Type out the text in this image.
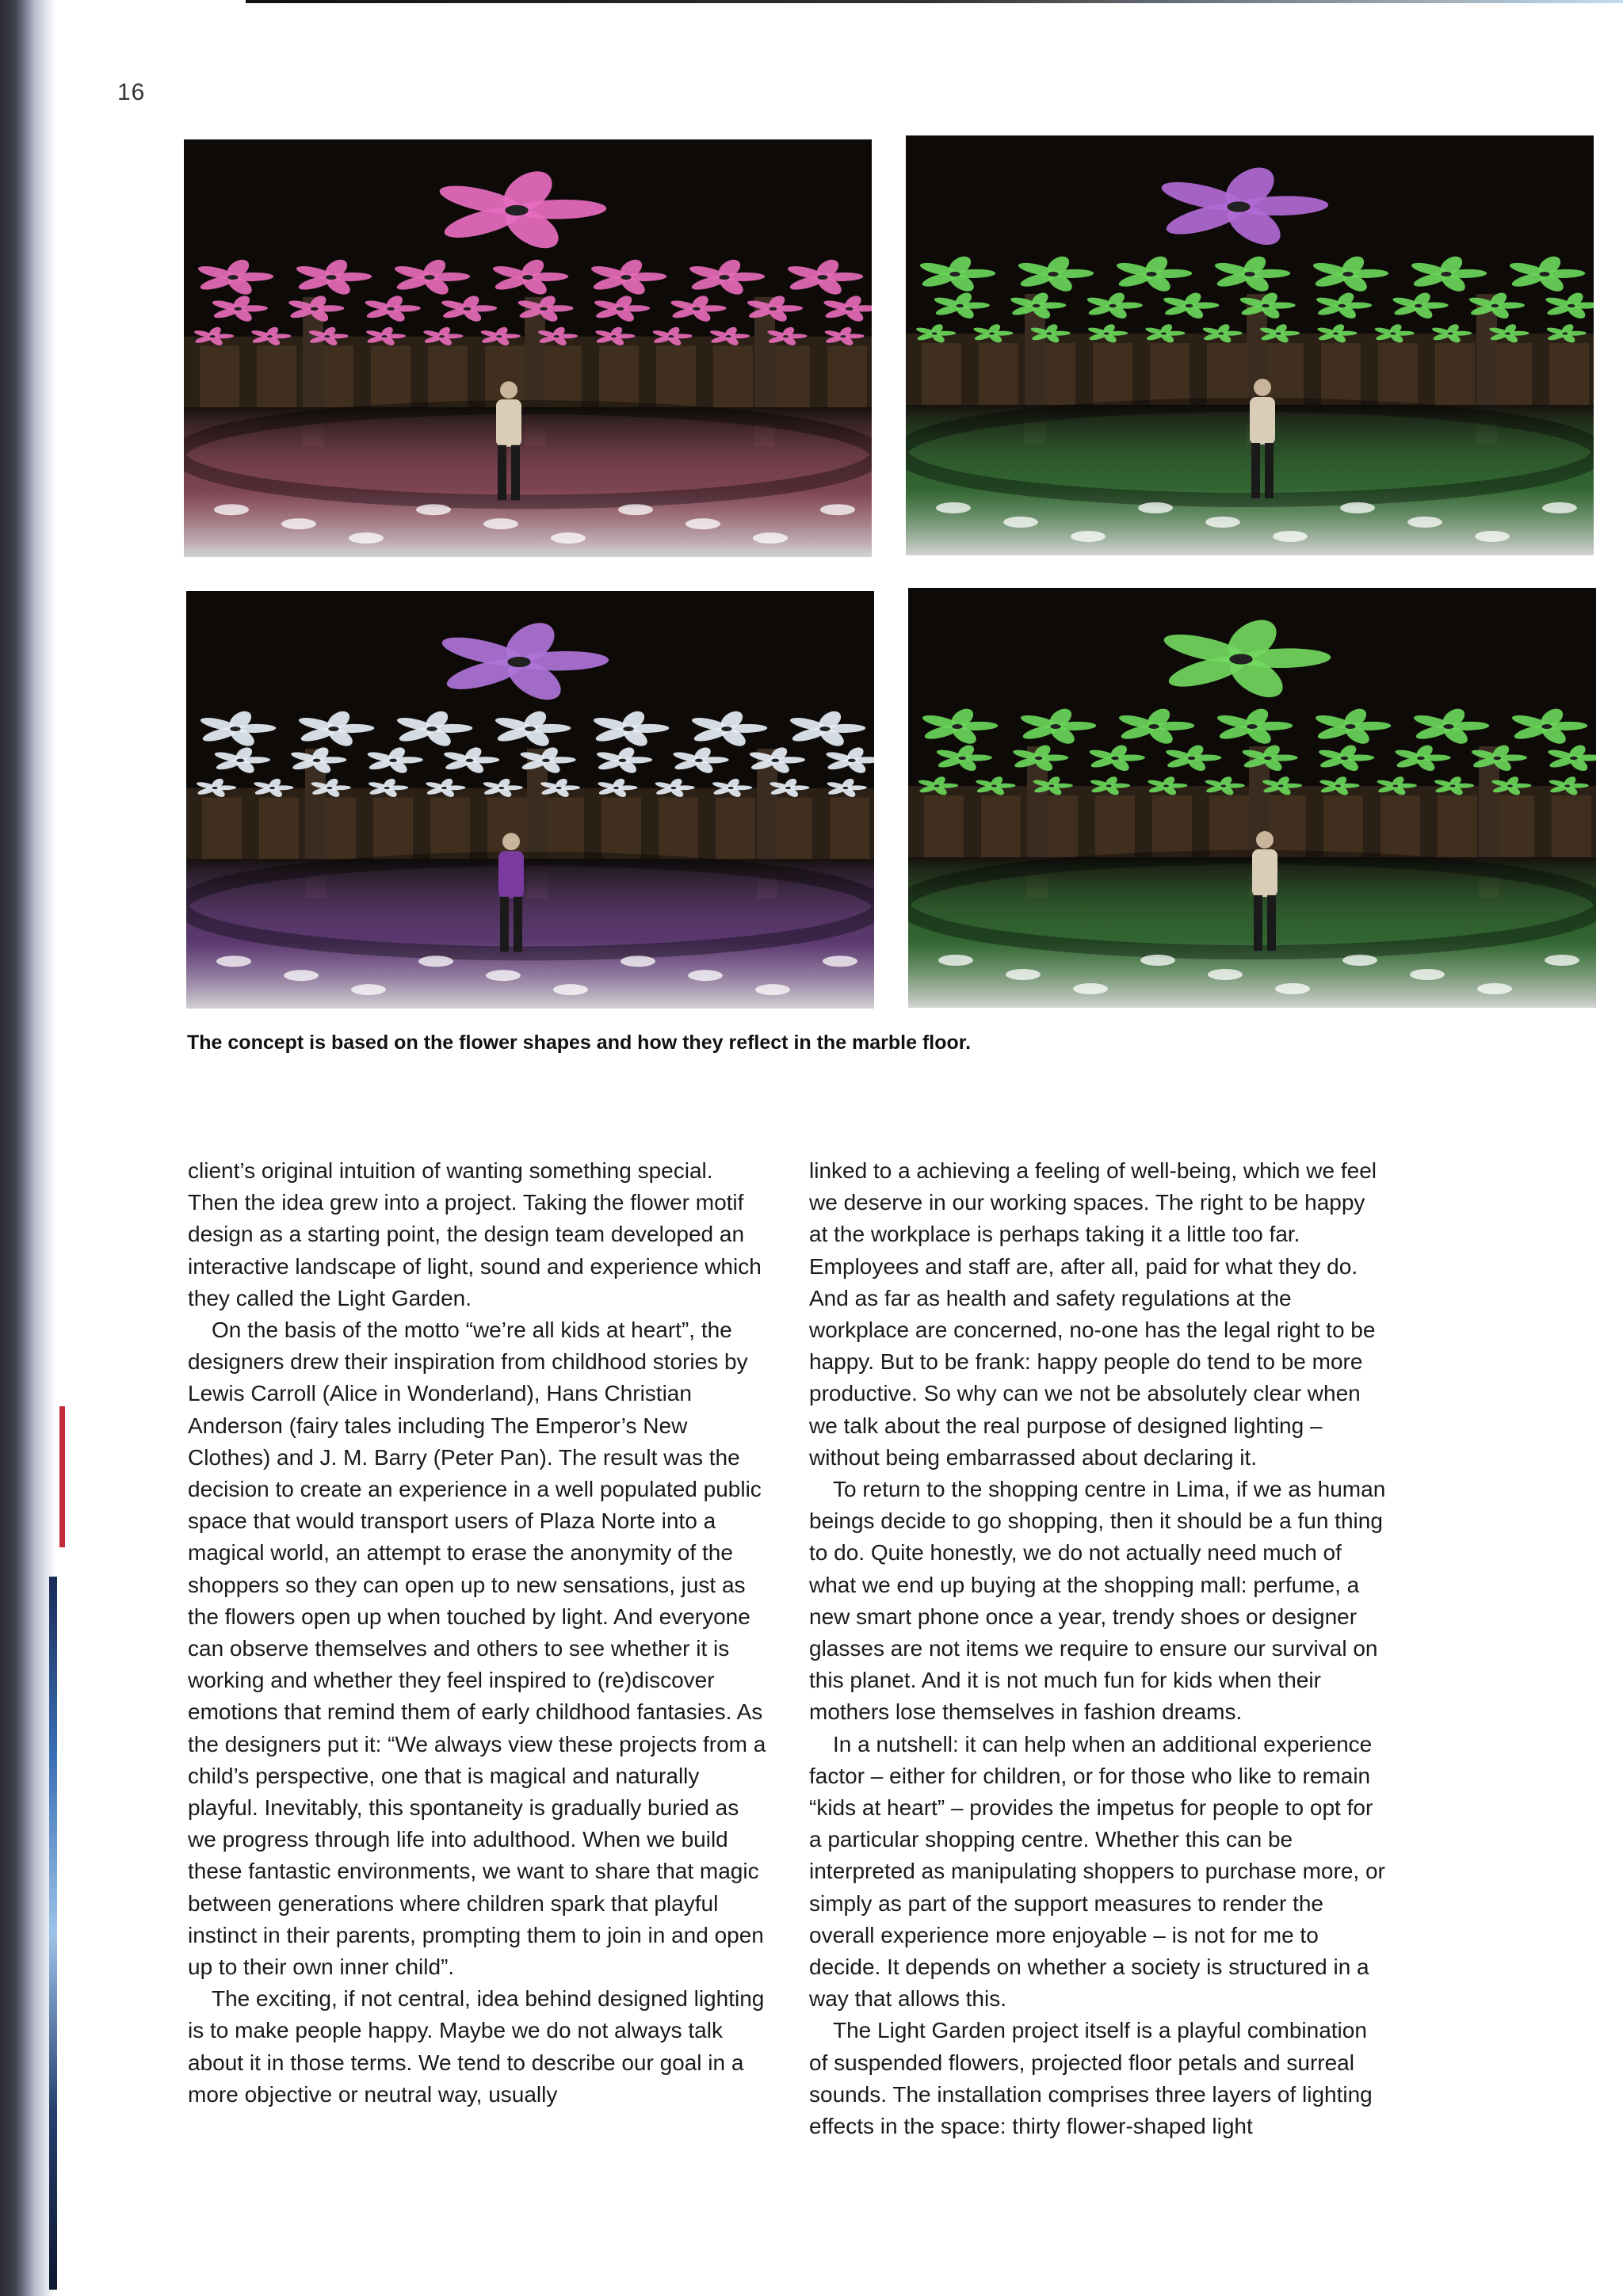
16
The concept is based on the flower shapes and how they reflect in the marble floor.

client’s original intuition of wanting something special. Then the idea grew into a project. Taking the flower motif design as a starting point, the design team developed an interactive landscape of light, sound and experience which they called the Light Garden.

On the basis of the motto “we’re all kids at heart”, the designers drew their inspiration from childhood stories by Lewis Carroll (Alice in Wonderland), Hans Christian Anderson (fairy tales including The Emperor’s New Clothes) and J. M. Barry (Peter Pan). The result was the decision to create an experience in a well populated public space that would transport users of Plaza Norte into a magical world, an attempt to erase the anonymity of the shoppers so they can open up to new sensations, just as the flowers open up when touched by light. And everyone can observe themselves and others to see whether it is working and whether they feel inspired to (re)discover emotions that remind them of early childhood fantasies. As the designers put it: “We always view these projects from a child’s perspective, one that is magical and naturally playful. Inevitably, this spontaneity is gradually buried as we progress through life into adulthood. When we build these fantastic environments, we want to share that magic between generations where children spark that playful instinct in their parents, prompting them to join in and open up to their own inner child”.

The exciting, if not central, idea behind designed lighting is to make people happy. Maybe we do not always talk about it in those terms. We tend to describe our goal in a more objective or neutral way, usually

linked to a achieving a feeling of well-being, which we feel we deserve in our working spaces. The right to be happy at the workplace is perhaps taking it a little too far. Employees and staff are, after all, paid for what they do. And as far as health and safety regulations at the workplace are concerned, no-one has the legal right to be happy. But to be frank: happy people do tend to be more productive. So why can we not be absolutely clear when we talk about the real purpose of designed lighting – without being embarrassed about declaring it.

To return to the shopping centre in Lima, if we as human beings decide to go shopping, then it should be a fun thing to do. Quite honestly, we do not actually need much of what we end up buying at the shopping mall: perfume, a new smart phone once a year, trendy shoes or designer glasses are not items we require to ensure our survival on this planet. And it is not much fun for kids when their mothers lose themselves in fashion dreams.

In a nutshell: it can help when an additional experience factor – either for children, or for those who like to remain “kids at heart” – provides the impetus for people to opt for a particular shopping centre. Whether this can be interpreted as manipulating shoppers to purchase more, or simply as part of the support measures to render the overall experience more enjoyable – is not for me to decide. It depends on whether a society is structured in a way that allows this.

The Light Garden project itself is a playful combination of suspended flowers, projected floor petals and surreal sounds. The installation comprises three layers of lighting effects in the space: thirty flower-shaped light
